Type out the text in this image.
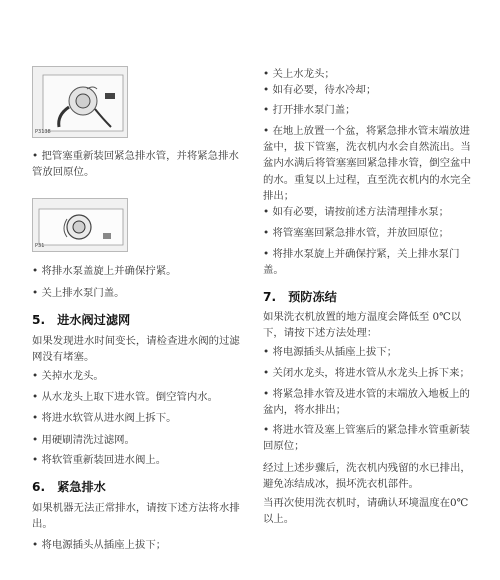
P3138

• 把管塞重新装回紧急排水管，并将紧急排水管放回原位。

P31

• 将排水泵盖旋上并确保拧紧。

• 关上排水泵门盖。

5. 进水阀过滤网

如果发现进水时间变长，请检查进水阀的过滤网没有堵塞。

• 关掉水龙头。

• 从水龙头上取下进水管。倒空管内水。

• 将进水软管从进水阀上拆下。

• 用硬刷清洗过滤网。

• 将软管重新装回进水阀上。

6. 紧急排水

如果机器无法正常排水，请按下述方法将水排出。

• 将电源插头从插座上拔下；

• 关上水龙头；

• 如有必要，待水冷却；

• 打开排水泵门盖；

• 在地上放置一个盆，将紧急排水管末端放进盆中，拔下管塞，洗衣机内水会自然流出。当盆内水满后将管塞塞回紧急排水管，倒空盆中的水。重复以上过程，直至洗衣机内的水完全排出；

• 如有必要，请按前述方法清理排水泵；

• 将管塞塞回紧急排水管，并放回原位；

• 将排水泵旋上并确保拧紧，关上排水泵门盖。

7. 预防冻结

如果洗衣机放置的地方温度会降低至 0℃以下，请按下述方法处理：

• 将电源插头从插座上拔下；

• 关闭水龙头，将进水管从水龙头上拆下来；

• 将紧急排水管及进水管的末端放入地板上的盆内，将水排出；

• 将进水管及塞上管塞后的紧急排水管重新装回原位；

经过上述步骤后，洗衣机内残留的水已排出，避免冻结成冰，损坏洗衣机部件。

当再次使用洗衣机时，请确认环境温度在0℃以上。
